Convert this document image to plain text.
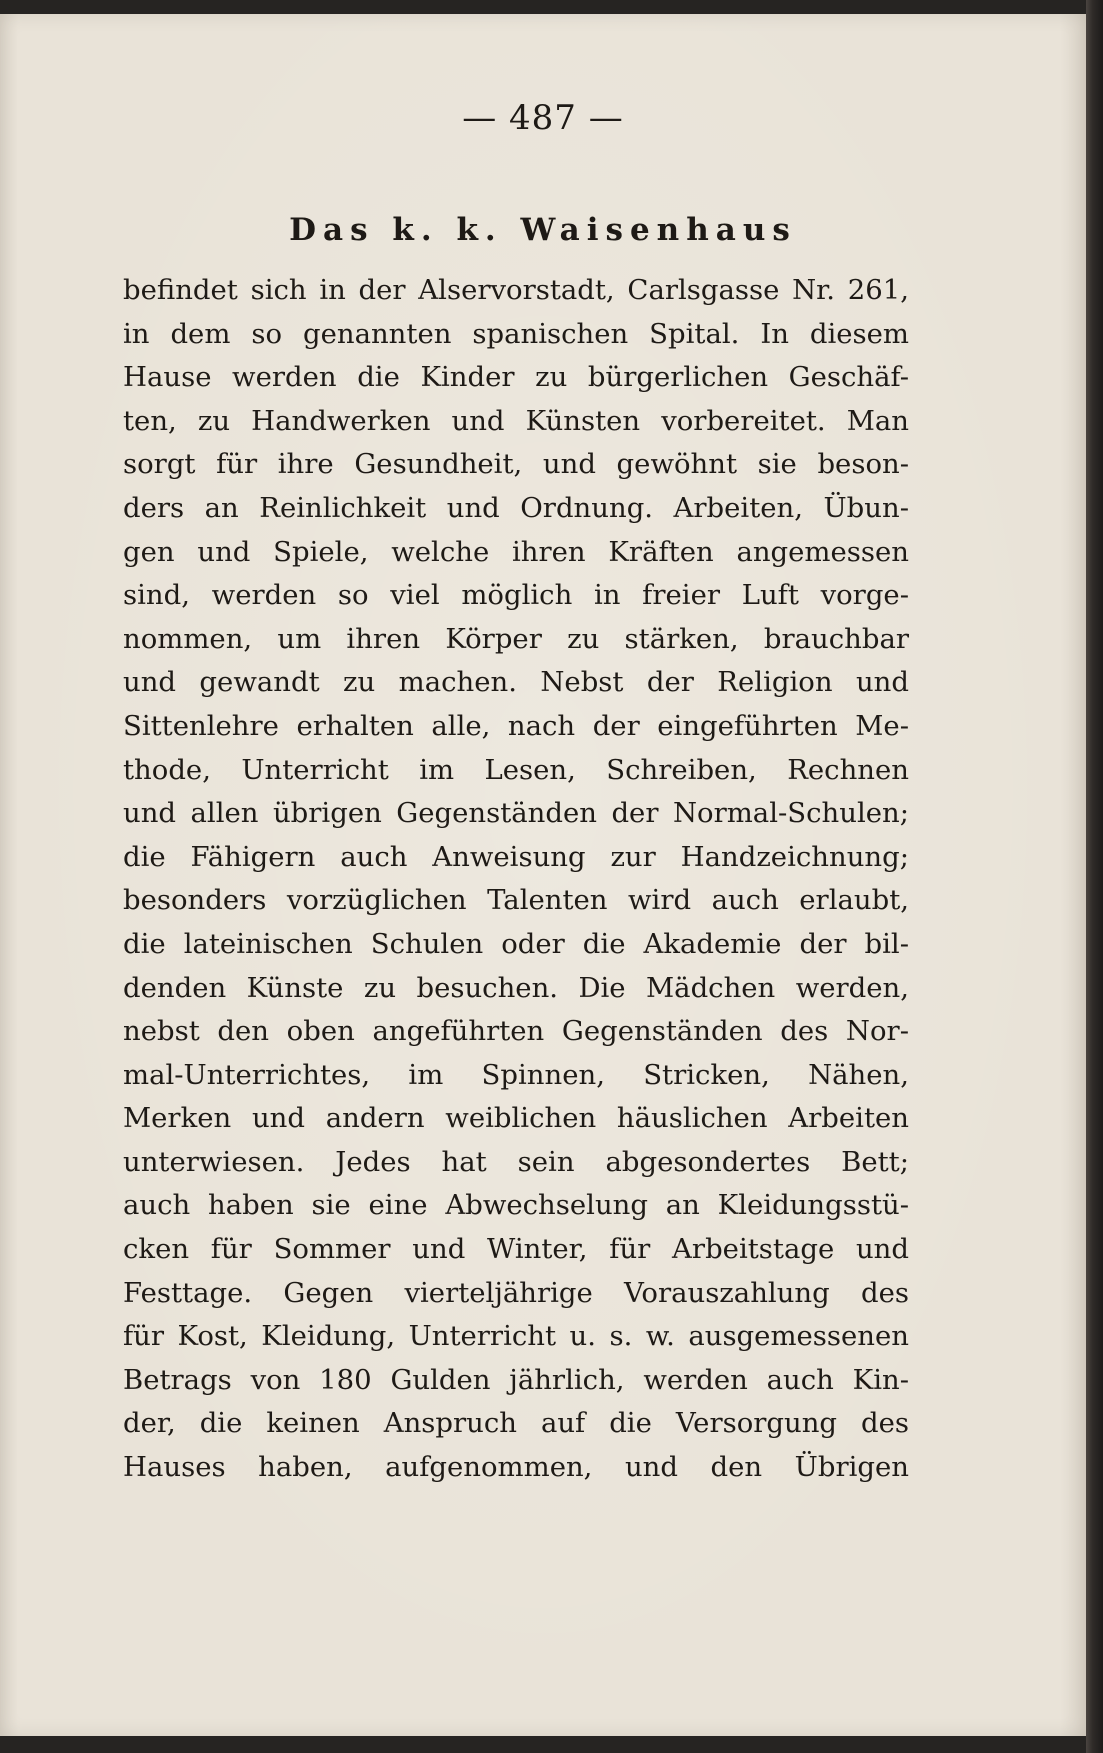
— 487 —
Das k. k. Waisenhaus
befindet sich in der Alservorstadt, Carlsgasse Nr. 261,
in dem so genannten spanischen Spital. In diesem
Hause werden die Kinder zu bürgerlichen Geschäf-
ten, zu Handwerken und Künsten vorbereitet. Man
sorgt für ihre Gesundheit, und gewöhnt sie beson-
ders an Reinlichkeit und Ordnung. Arbeiten, Übun-
gen und Spiele, welche ihren Kräften angemessen
sind, werden so viel möglich in freier Luft vorge-
nommen, um ihren Körper zu stärken, brauchbar
und gewandt zu machen. Nebst der Religion und
Sittenlehre erhalten alle, nach der eingeführten Me-
thode, Unterricht im Lesen, Schreiben, Rechnen
und allen übrigen Gegenständen der Normal-Schulen;
die Fähigern auch Anweisung zur Handzeichnung;
besonders vorzüglichen Talenten wird auch erlaubt,
die lateinischen Schulen oder die Akademie der bil-
denden Künste zu besuchen. Die Mädchen werden,
nebst den oben angeführten Gegenständen des Nor-
mal-Unterrichtes, im Spinnen, Stricken, Nähen,
Merken und andern weiblichen häuslichen Arbeiten
unterwiesen. Jedes hat sein abgesondertes Bett;
auch haben sie eine Abwechselung an Kleidungsstü-
cken für Sommer und Winter, für Arbeitstage und
Festtage. Gegen vierteljährige Vorauszahlung des
für Kost, Kleidung, Unterricht u. s. w. ausgemessenen
Betrags von 180 Gulden jährlich, werden auch Kin-
der, die keinen Anspruch auf die Versorgung des
Hauses haben, aufgenommen, und den Übrigen
